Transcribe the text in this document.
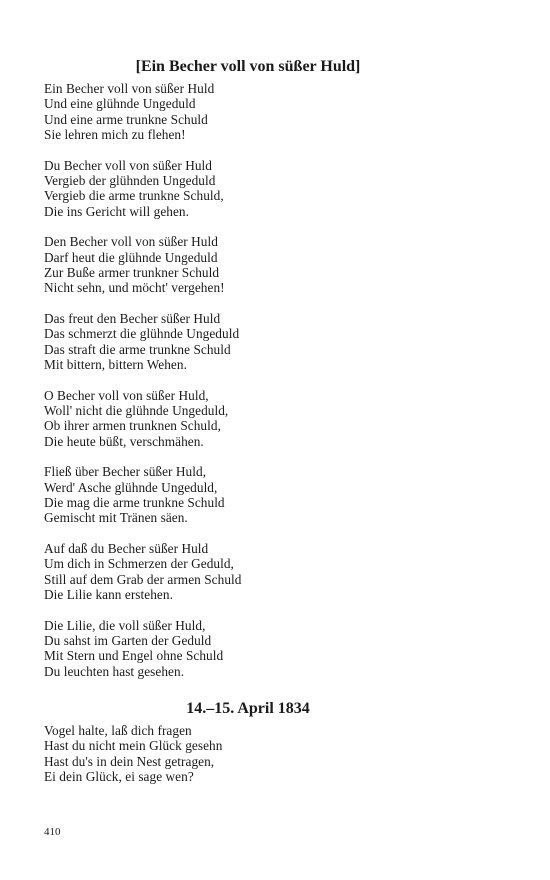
[Ein Becher voll von süßer Huld]
Ein Becher voll von süßer Huld
Und eine glühnde Ungeduld
Und eine arme trunkne Schuld
Sie lehren mich zu flehen!
Du Becher voll von süßer Huld
Vergieb der glühnden Ungeduld
Vergieb die arme trunkne Schuld,
Die ins Gericht will gehen.
Den Becher voll von süßer Huld
Darf heut die glühnde Ungeduld
Zur Buße armer trunkner Schuld
Nicht sehn, und möcht' vergehen!
Das freut den Becher süßer Huld
Das schmerzt die glühnde Ungeduld
Das straft die arme trunkne Schuld
Mit bittern, bittern Wehen.
O Becher voll von süßer Huld,
Woll' nicht die glühnde Ungeduld,
Ob ihrer armen trunknen Schuld,
Die heute büßt, verschmähen.
Fließ über Becher süßer Huld,
Werd' Asche glühnde Ungeduld,
Die mag die arme trunkne Schuld
Gemischt mit Tränen säen.
Auf daß du Becher süßer Huld
Um dich in Schmerzen der Geduld,
Still auf dem Grab der armen Schuld
Die Lilie kann erstehen.
Die Lilie, die voll süßer Huld,
Du sahst im Garten der Geduld
Mit Stern und Engel ohne Schuld
Du leuchten hast gesehen.
14.–15. April 1834
Vogel halte, laß dich fragen
Hast du nicht mein Glück gesehn
Hast du's in dein Nest getragen,
Ei dein Glück, ei sage wen?
410
